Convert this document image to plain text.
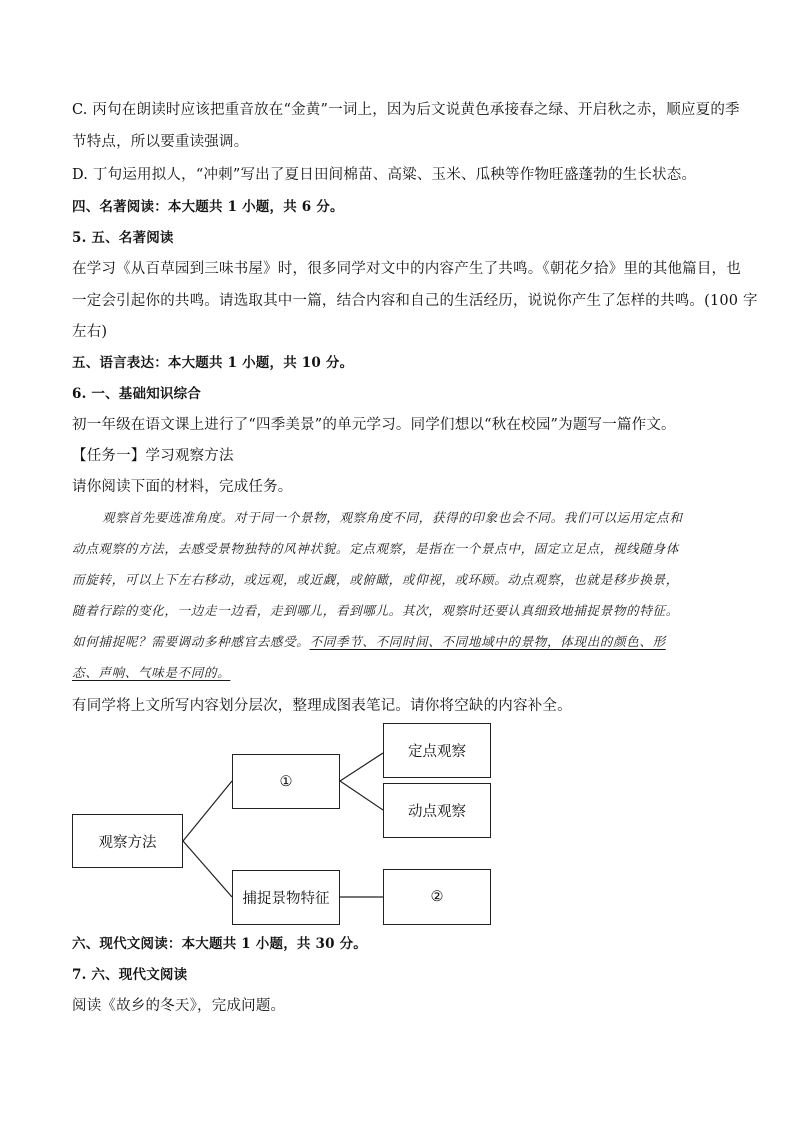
C. 丙句在朗读时应该把重音放在“金黄”一词上，因为后文说黄色承接春之绿、开启秋之赤，顺应夏的季
节特点，所以要重读强调。
D. 丁句运用拟人，“冲刺”写出了夏日田间棉苗、高粱、玉米、瓜秧等作物旺盛蓬勃的生长状态。
四、名著阅读：本大题共 1 小题，共 6 分。
5. 五、名著阅读
在学习《从百草园到三味书屋》时，很多同学对文中的内容产生了共鸣。《朝花夕拾》里的其他篇目，也
一定会引起你的共鸣。请选取其中一篇，结合内容和自己的生活经历，说说你产生了怎样的共鸣。(100 字
左右)
五、语言表达：本大题共 1 小题，共 10 分。
6. 一、基础知识综合
初一年级在语文课上进行了“四季美景”的单元学习。同学们想以“秋在校园”为题写一篇作文。
【任务一】学习观察方法
请你阅读下面的材料，完成任务。
观察首先要选准角度。对于同一个景物，观察角度不同，获得的印象也会不同。我们可以运用定点和
动点观察的方法，去感受景物独特的风神状貌。定点观察，是指在一个景点中，固定立足点，视线随身体
而旋转，可以上下左右移动，或远观，或近觑，或俯瞰，或仰视，或环顾。动点观察，也就是移步换景，
随着行踪的变化，一边走一边看，走到哪儿，看到哪儿。其次，观察时还要认真细致地捕捉景物的特征。
如何捕捉呢？需要调动多种感官去感受。不同季节、不同时间、不同地域中的景物，体现出的颜色、形
态、声响、气味是不同的。
有同学将上文所写内容划分层次，整理成图表笔记。请你将空缺的内容补全。
观察方法
①
定点观察
动点观察
捕捉景物特征	②
六、现代文阅读：本大题共 1 小题，共 30 分。
7. 六、现代文阅读
阅读《故乡的冬天》，完成问题。
